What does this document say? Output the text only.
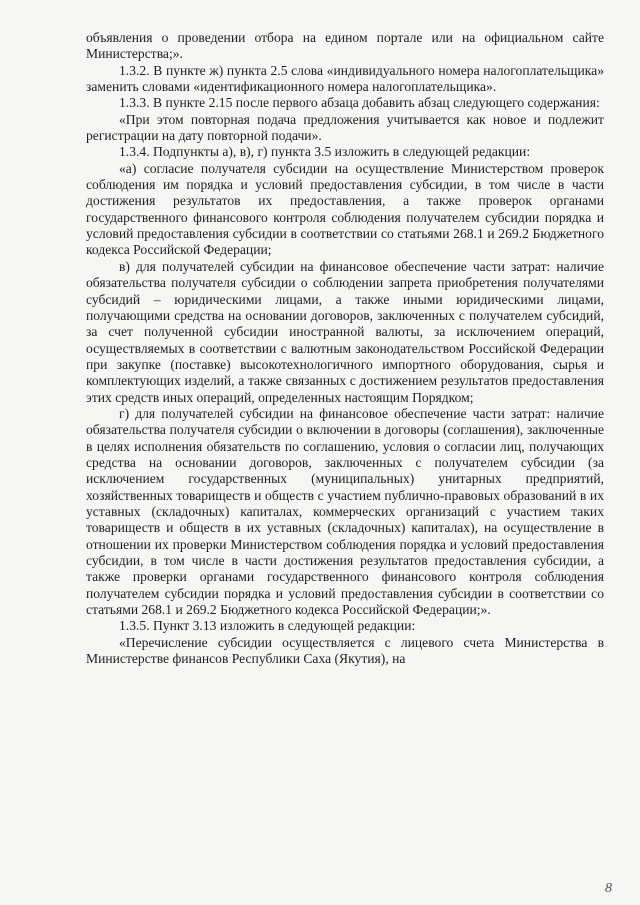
объявления о проведении отбора на едином портале или на официальном сайте Министерства;».

1.3.2. В пункте ж) пункта 2.5 слова «индивидуального номера налогоплательщика» заменить словами «идентификационного номера налогоплательщика».

1.3.3. В пункте 2.15 после первого абзаца добавить абзац следующего содержания:

«При этом повторная подача предложения учитывается как новое и подлежит регистрации на дату повторной подачи».

1.3.4. Подпункты а), в), г) пункта 3.5 изложить в следующей редакции:

«а) согласие получателя субсидии на осуществление Министерством проверок соблюдения им порядка и условий предоставления субсидии, в том числе в части достижения результатов их предоставления, а также проверок органами государственного финансового контроля соблюдения получателем субсидии порядка и условий предоставления субсидии в соответствии со статьями 268.1 и 269.2 Бюджетного кодекса Российской Федерации;

в) для получателей субсидии на финансовое обеспечение части затрат: наличие обязательства получателя субсидии о соблюдении запрета приобретения получателями субсидий – юридическими лицами, а также иными юридическими лицами, получающими средства на основании договоров, заключенных с получателем субсидий, за счет полученной субсидии иностранной валюты, за исключением операций, осуществляемых в соответствии с валютным законодательством Российской Федерации при закупке (поставке) высокотехнологичного импортного оборудования, сырья и комплектующих изделий, а также связанных с достижением результатов предоставления этих средств иных операций, определенных настоящим Порядком;

г) для получателей субсидии на финансовое обеспечение части затрат: наличие обязательства получателя субсидии о включении в договоры (соглашения), заключенные в целях исполнения обязательств по соглашению, условия о согласии лиц, получающих средства на основании договоров, заключенных с получателем субсидии (за исключением государственных (муниципальных) унитарных предприятий, хозяйственных товариществ и обществ с участием публично-правовых образований в их уставных (складочных) капиталах, коммерческих организаций с участием таких товариществ и обществ в их уставных (складочных) капиталах), на осуществление в отношении их проверки Министерством соблюдения порядка и условий предоставления субсидии, в том числе в части достижения результатов предоставления субсидии, а также проверки органами государственного финансового контроля соблюдения получателем субсидии порядка и условий предоставления субсидии в соответствии со статьями 268.1 и 269.2 Бюджетного кодекса Российской Федерации;».

1.3.5. Пункт 3.13 изложить в следующей редакции:

«Перечисление субсидии осуществляется с лицевого счета Министерства в Министерстве финансов Республики Саха (Якутия), на

8
